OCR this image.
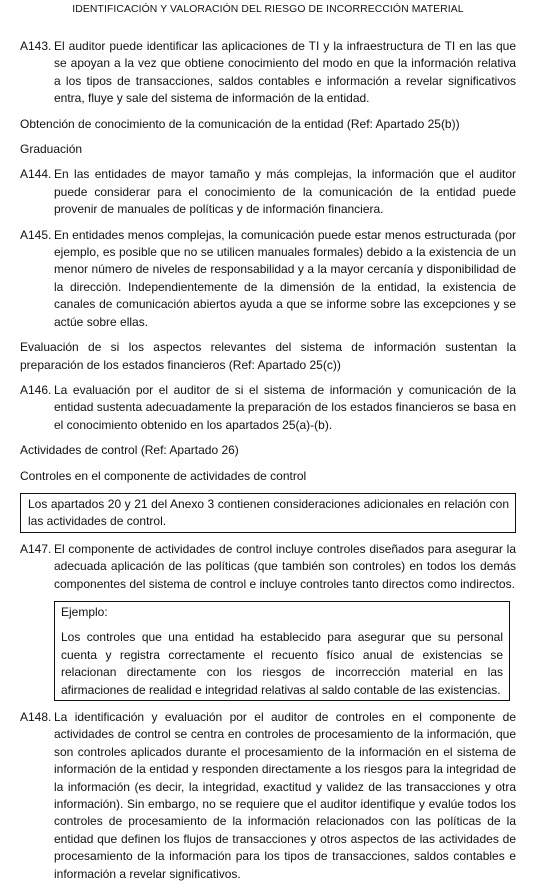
IDENTIFICACIÓN Y VALORACIÓN DEL RIESGO DE INCORRECCIÓN MATERIAL
A143. El auditor puede identificar las aplicaciones de TI y la infraestructura de TI en las que se apoyan a la vez que obtiene conocimiento del modo en que la información relativa a los tipos de transacciones, saldos contables e información a revelar significativos entra, fluye y sale del sistema de información de la entidad.
Obtención de conocimiento de la comunicación de la entidad (Ref: Apartado 25(b))
Graduación
A144. En las entidades de mayor tamaño y más complejas, la información que el auditor puede considerar para el conocimiento de la comunicación de la entidad puede provenir de manuales de políticas y de información financiera.
A145. En entidades menos complejas, la comunicación puede estar menos estructurada (por ejemplo, es posible que no se utilicen manuales formales) debido a la existencia de un menor número de niveles de responsabilidad y a la mayor cercanía y disponibilidad de la dirección. Independientemente de la dimensión de la entidad, la existencia de canales de comunicación abiertos ayuda a que se informe sobre las excepciones y se actúe sobre ellas.
Evaluación de si los aspectos relevantes del sistema de información sustentan la preparación de los estados financieros (Ref: Apartado 25(c))
A146. La evaluación por el auditor de si el sistema de información y comunicación de la entidad sustenta adecuadamente la preparación de los estados financieros se basa en el conocimiento obtenido en los apartados 25(a)-(b).
Actividades de control (Ref: Apartado 26)
Controles en el componente de actividades de control
Los apartados 20 y 21 del Anexo 3 contienen consideraciones adicionales en relación con las actividades de control.
A147. El componente de actividades de control incluye controles diseñados para asegurar la adecuada aplicación de las políticas (que también son controles) en todos los demás componentes del sistema de control e incluye controles tanto directos como indirectos.
Ejemplo:
Los controles que una entidad ha establecido para asegurar que su personal cuenta y registra correctamente el recuento físico anual de existencias se relacionan directamente con los riesgos de incorrección material en las afirmaciones de realidad e integridad relativas al saldo contable de las existencias.
A148. La identificación y evaluación por el auditor de controles en el componente de actividades de control se centra en controles de procesamiento de la información, que son controles aplicados durante el procesamiento de la información en el sistema de información de la entidad y responden directamente a los riesgos para la integridad de la información (es decir, la integridad, exactitud y validez de las transacciones y otra información). Sin embargo, no se requiere que el auditor identifique y evalúe todos los controles de procesamiento de la información relacionados con las políticas de la entidad que definen los flujos de transacciones y otros aspectos de las actividades de procesamiento de la información para los tipos de transacciones, saldos contables e información a revelar significativos.
